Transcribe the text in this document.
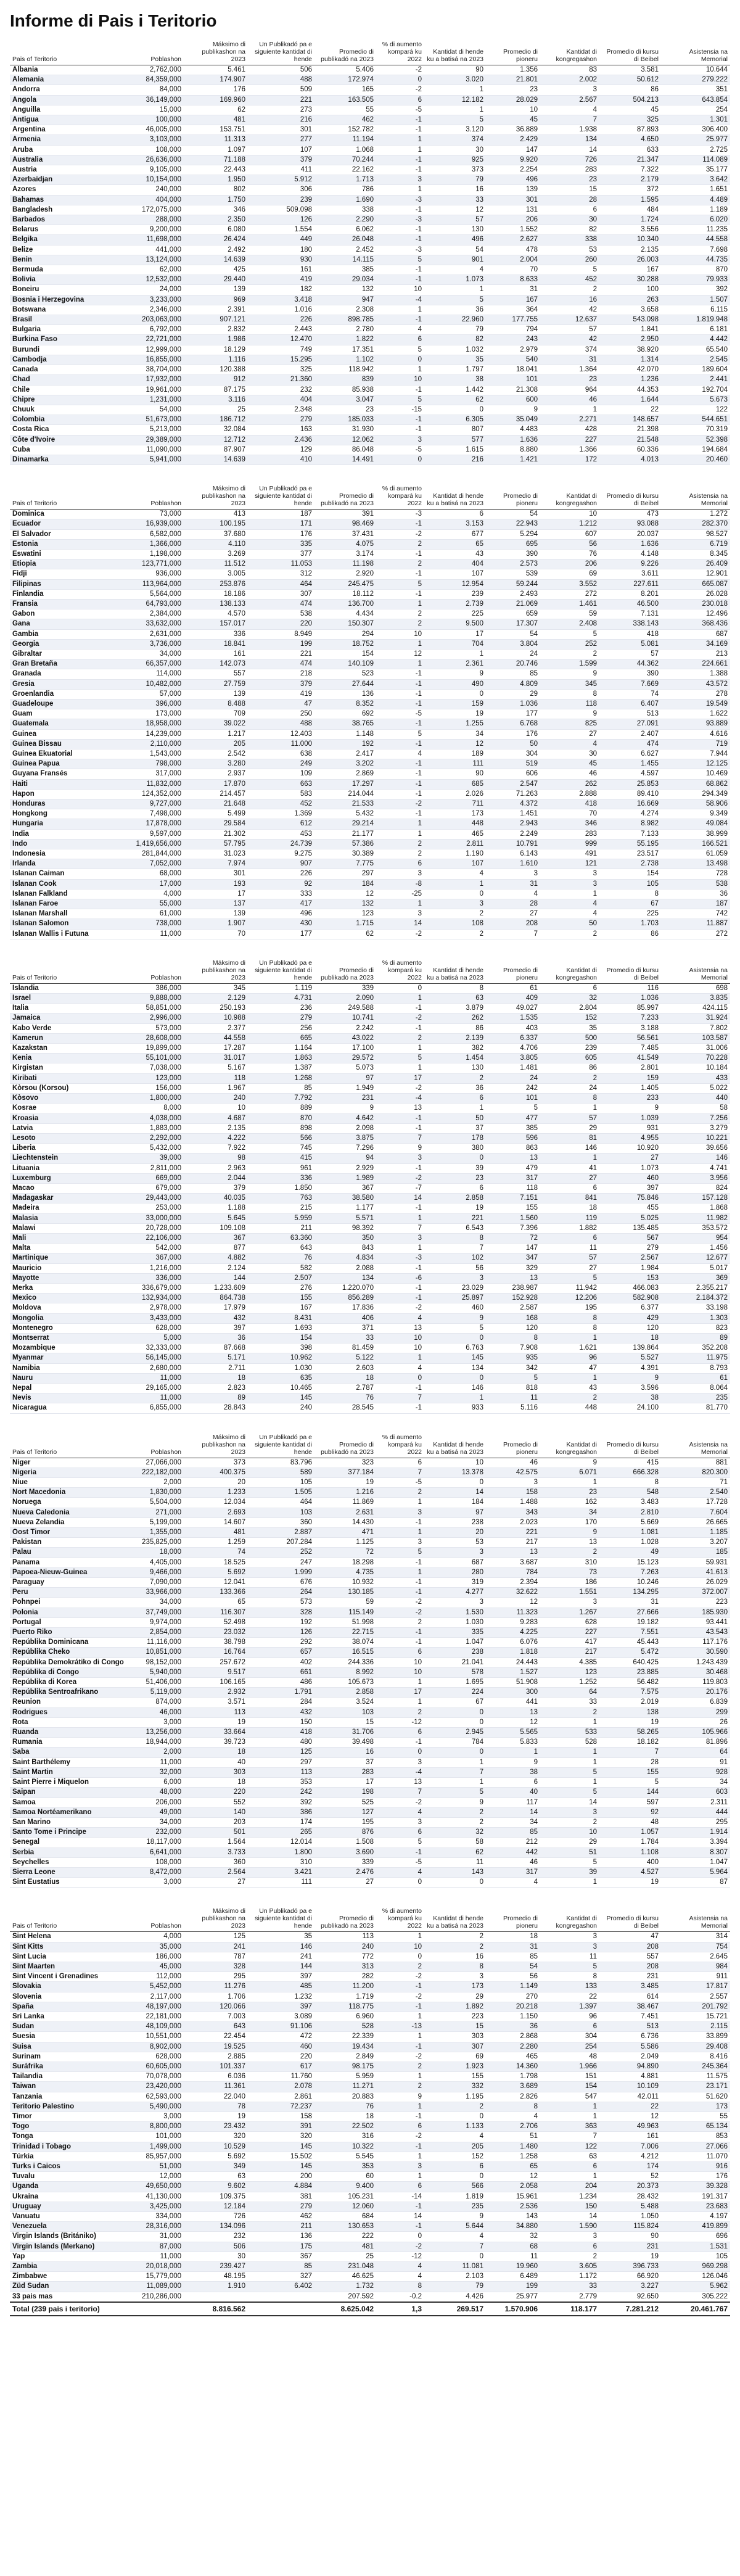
Informe di Pais i Teritorio
Pais of Teritorio	Poblashon	Máksimo di publikashon na 2023	Un Publikadó pa e siguiente kantidat di hende	Promedio di publikadó na 2023	% di aumento kompará ku 2022	Kantidat di hende ku a batisá na 2023	Promedio di pioneru	Kantidat di kongregashon	Promedio di kursu di Beibel	Asistensia na Memorial
Albania	2,762,000	5.461	506	5.406	-2	90	1.356	83	3.581	10.644
Alemania	84,359,000	174.907	488	172.974	0	3.020	21.801	2.002	50.612	279.222
Andorra	84,000	176	509	165	-2	1	23	3	86	351
Angola	36,149,000	169.960	221	163.505	6	12.182	28.029	2.567	504.213	643.854
Anguilla	15,000	62	273	55	-5	1	10	4	45	254
Antigua	100,000	481	216	462	-1	5	45	7	325	1.301
Argentina	46,005,000	153.751	301	152.782	-1	3.120	36.889	1.938	87.893	306.400
Armenia	3,103,000	11.313	277	11.194	1	374	2.429	134	4.650	25.977
Aruba	108,000	1.097	107	1.068	1	30	147	14	633	2.725
Australia	26,636,000	71.188	379	70.244	-1	925	9.920	726	21.347	114.089
Austria	9,105,000	22.443	411	22.162	-1	373	2.254	283	7.322	35.177
Azerbaidjan	10,154,000	1.950	5.912	1.713	3	79	496	23	2.179	3.642
Azores	240,000	802	306	786	1	16	139	15	372	1.651
Bahamas	404,000	1.750	239	1.690	-3	33	301	28	1.595	4.489
Bangladesh	172,075,000	346	509.098	338	-1	12	131	6	484	1.189
Barbados	288,000	2.350	126	2.290	-3	57	206	30	1.724	6.020
Belarus	9,200,000	6.080	1.554	6.062	-1	130	1.552	82	3.556	11.235
Belgika	11,698,000	26.424	449	26.048	-1	496	2.627	338	10.340	44.558
Belize	441,000	2.492	180	2.452	-3	54	478	53	2.135	7.698
Benin	13,124,000	14.639	930	14.115	5	901	2.004	260	26.003	44.735
Bermuda	62,000	425	161	385	-1	4	70	5	167	870
Bolivia	12,532,000	29.440	419	29.034	-1	1.073	8.633	452	30.288	79.933
Boneiru	24,000	139	182	132	10	1	31	2	100	392
Bosnia i Herzegovina	3,233,000	969	3.418	947	-4	5	167	16	263	1.507
Botswana	2,346,000	2.391	1.016	2.308	1	36	364	42	3.658	6.115
Brasil	203,063,000	907.121	226	898.785	-1	22.960	177.755	12.637	543.098	1.819.948
Bulgaria	6,792,000	2.832	2.443	2.780	4	79	794	57	1.841	6.181
Burkina Faso	22,721,000	1.986	12.470	1.822	6	82	243	42	2.950	4.442
Burundi	12,999,000	18.129	749	17.351	5	1.032	2.979	374	38.920	65.540
Cambodja	16,855,000	1.116	15.295	1.102	0	35	540	31	1.314	2.545
Canada	38,704,000	120.388	325	118.942	1	1.797	18.041	1.364	42.070	189.604
Chad	17,932,000	912	21.360	839	10	38	101	23	1.236	2.441
Chile	19,961,000	87.175	232	85.938	-1	1.442	21.308	964	44.353	192.704
Chipre	1,231,000	3.116	404	3.047	5	62	600	46	1.644	5.673
Chuuk	54,000	25	2.348	23	-15	0	9	1	22	122
Colombia	51,673,000	186.712	279	185.033	-1	6.305	35.049	2.271	148.657	544.651
Costa Rica	5,213,000	32.084	163	31.930	-1	807	4.483	428	21.398	70.319
Côte d'Ivoire	29,389,000	12.712	2.436	12.062	3	577	1.636	227	21.548	52.398
Cuba	11,090,000	87.907	129	86.048	-5	1.615	8.880	1.366	60.336	194.684
Dinamarka	5,941,000	14.639	410	14.491	0	216	1.421	172	4.013	20.460
Pais of Teritorio	Poblashon	Máksimo di publikashon na 2023	Un Publikadó pa e siguiente kantidat di hende	Promedio di publikadó na 2023	% di aumento kompará ku 2022	Kantidat di hende ku a batisá na 2023	Promedio di pioneru	Kantidat di kongregashon	Promedio di kursu di Beibel	Asistensia na Memorial
Dominica	73,000	413	187	391	-3	6	54	10	473	1.272
Ecuador	16,939,000	100.195	171	98.469	-1	3.153	22.943	1.212	93.088	282.370
El Salvador	6,582,000	37.680	176	37.431	-2	677	5.294	607	20.037	98.527
Estonia	1,366,000	4.110	335	4.075	2	65	695	56	1.636	6.719
Eswatini	1,198,000	3.269	377	3.174	-1	43	390	76	4.148	8.345
Etiopia	123,771,000	11.512	11.053	11.198	2	404	2.573	206	9.226	26.409
Fidji	936,000	3.005	312	2.920	-1	107	539	69	3.611	12.901
Filipinas	113,964,000	253.876	464	245.475	5	12.954	59.244	3.552	227.611	665.087
Finlandia	5,564,000	18.186	307	18.112	-1	239	2.493	272	8.201	26.028
Fransia	64,793,000	138.133	474	136.700	1	2.739	21.069	1.461	46.500	230.018
Gabon	2,384,000	4.570	538	4.434	2	225	659	59	7.131	12.496
Gana	33,632,000	157.017	220	150.307	2	9.500	17.307	2.408	338.143	368.436
Gambia	2,631,000	336	8.949	294	10	17	54	5	418	687
Georgia	3,736,000	18.841	199	18.752	1	704	3.804	252	5.081	34.169
Gibraltar	34,000	161	221	154	12	1	24	2	57	213
Gran Bretaña	66,357,000	142.073	474	140.109	1	2.361	20.746	1.599	44.362	224.661
Granada	114,000	557	218	523	-1	9	85	9	390	1.388
Gresia	10,482,000	27.759	379	27.644	-1	490	4.809	345	7.669	43.572
Groenlandia	57,000	139	419	136	-1	0	29	8	74	278
Guadeloupe	396,000	8.488	47	8.352	-1	159	1.036	118	6.407	19.549
Guam	173,000	709	250	692	-5	19	177	9	513	1.622
Guatemala	18,958,000	39.022	488	38.765	-1	1.255	6.768	825	27.091	93.889
Guinea	14,239,000	1.217	12.403	1.148	5	34	176	27	2.407	4.616
Guinea Bissau	2,110,000	205	11.000	192	-1	12	50	4	474	719
Guinea Ekuatorial	1,543,000	2.542	638	2.417	4	189	304	30	6.627	7.944
Guinea Papua	798,000	3.280	249	3.202	-1	111	519	45	1.455	12.125
Guyana Fransés	317,000	2.937	109	2.869	-1	90	606	46	4.597	10.469
Haiti	11,832,000	17.870	663	17.297	-1	685	2.547	262	25.853	68.862
Hapon	124,352,000	214.457	583	214.044	-1	2.026	71.263	2.888	89.410	294.349
Honduras	9,727,000	21.648	452	21.533	-2	711	4.372	418	16.669	58.906
Hongkong	7,498,000	5.499	1.369	5.432	-1	173	1.451	70	4.274	9.349
Hungaria	17,878,000	29.584	612	29.214	1	448	2.943	346	8.982	49.084
India	9,597,000	21.302	453	21.177	1	465	2.249	283	7.133	38.999
Indo	1,419,656,000	57.795	24.739	57.386	2	2.811	10.791	999	55.195	166.521
Indonesia	281,844,000	31.023	9.275	30.389	2	1.190	6.143	491	23.517	61.059
Irlanda	7,052,000	7.974	907	7.775	6	107	1.610	121	2.738	13.498
Islanan Caiman	68,000	301	226	297	3	4	3	3	154	728
Islanan Cook	17,000	193	92	184	-8	1	31	3	105	538
Islanan Falkland	4,000	17	333	12	-25	0	4	1	8	36
Islanan Faroe	55,000	137	417	132	1	3	28	4	67	187
Islanan Marshall	61,000	139	496	123	3	2	27	4	225	742
Islanan Salomon	738,000	1.907	430	1.715	14	108	208	50	1.703	11.887
Islanan Wallis i Futuna	11,000	70	177	62	-2	2	7	2	86	272
Pais of Teritorio	Poblashon	Máksimo di publikashon na 2023	Un Publikadó pa e siguiente kantidat di hende	Promedio di publikadó na 2023	% di aumento kompará ku 2022	Kantidat di hende ku a batisá na 2023	Promedio di pioneru	Kantidat di kongregashon	Promedio di kursu di Beibel	Asistensia na Memorial
Islandia	386,000	345	1.119	339	0	8	61	6	116	698
Israel	9,888,000	2.129	4.731	2.090	1	63	409	32	1.036	3.835
Italia	58,851,000	250.193	236	249.588	-1	3.879	49.027	2.804	85.997	424.115
Jamaica	2,996,000	10.988	279	10.741	-2	262	1.535	152	7.233	31.924
Kabo Verde	573,000	2.377	256	2.242	-1	86	403	35	3.188	7.802
Kamerun	28,608,000	44.558	665	43.022	2	2.139	6.337	500	56.561	103.587
Kazakstan	19,899,000	17.287	1.164	17.100	1	382	4.706	239	7.485	31.006
Kenia	55,101,000	31.017	1.863	29.572	5	1.454	3.805	605	41.549	70.228
Kirgistan	7,038,000	5.167	1.387	5.073	1	130	1.481	86	2.801	10.184
Kiribati	123,000	118	1.268	97	17	2	24	2	159	433
Kòrsou (Korsou)	156,000	1.967	85	1.949	-2	36	242	24	1.405	5.022
Kòsovo	1,800,000	240	7.792	231	-4	6	101	8	233	440
Kosrae	8,000	10	889	9	13	1	5	1	9	58
Kroasia	4,038,000	4.687	870	4.642	-1	50	477	57	1.039	7.256
Latvia	1,883,000	2.135	898	2.098	-1	37	385	29	931	3.279
Lesoto	2,292,000	4.222	566	3.875	7	178	596	81	4.955	10.221
Liberia	5,432,000	7.922	745	7.296	9	380	863	146	10.920	39.656
Liechtenstein	39,000	98	415	94	3	0	13	1	27	146
Lituania	2,811,000	2.963	961	2.929	-1	39	479	41	1.073	4.741
Luxemburg	669,000	2.044	336	1.989	-2	23	317	27	460	3.956
Macao	679,000	379	1.850	367	-7	6	118	6	397	824
Madagaskar	29,443,000	40.035	763	38.580	14	2.858	7.151	841	75.846	157.128
Madeira	253,000	1.188	215	1.177	-1	19	155	18	455	1.868
Malasia	33,000,000	5.645	5.959	5.571	1	221	1.560	119	5.025	11.982
Malawi	20,728,000	109.108	211	98.392	7	6.543	7.396	1.882	135.485	353.572
Mali	22,106,000	367	63.360	350	3	8	72	6	567	954
Malta	542,000	877	643	843	1	7	147	11	279	1.456
Martinique	367,000	4.882	76	4.834	-3	102	347	57	2.567	12.677
Mauricio	1,216,000	2.124	582	2.088	-1	56	329	27	1.984	5.017
Mayotte	336,000	144	2.507	134	-6	3	13	5	153	369
Merka	336,679,000	1.233.609	276	1.220.070	-1	23.029	238.987	11.942	466.083	2.355.217
Mexico	132,934,000	864.738	155	856.289	-1	25.897	152.928	12.206	582.908	2.184.372
Moldova	2,978,000	17.979	167	17.836	-2	460	2.587	195	6.377	33.198
Mongolia	3,433,000	432	8.431	406	4	9	168	8	429	1.303
Montenegro	628,000	397	1.693	371	13	5	120	8	120	823
Montserrat	5,000	36	154	33	10	0	8	1	18	89
Mozambique	32,333,000	87.668	398	81.459	10	6.763	7.908	1.621	139.864	352.208
Myanmar	56,145,000	5.171	10.962	5.122	1	145	935	96	5.527	11.975
Namibia	2,680,000	2.711	1.030	2.603	4	134	342	47	4.391	8.793
Nauru	11,000	18	635	18	0	0	5	1	9	61
Nepal	29,165,000	2.823	10.465	2.787	-1	146	818	43	3.596	8.064
Nevis	11,000	89	145	76	7	1	11	2	38	235
Nicaragua	6,855,000	28.843	240	28.545	-1	933	5.116	448	24.100	81.770
Pais of Teritorio	Poblashon	Máksimo di publikashon na 2023	Un Publikadó pa e siguiente kantidat di hende	Promedio di publikadó na 2023	% di aumento kompará ku 2022	Kantidat di hende ku a batisá na 2023	Promedio di pioneru	Kantidat di kongregashon	Promedio di kursu di Beibel	Asistensia na Memorial
Niger	27,066,000	373	83.796	323	6	10	46	9	415	881
Nigeria	222,182,000	400.375	589	377.184	7	13.378	42.575	6.071	666.328	820.300
Niue	2,000	20	105	19	-5	0	3	1	8	71
Nort Macedonia	1,830,000	1.233	1.505	1.216	2	14	158	23	548	2.540
Noruega	5,504,000	12.034	464	11.869	1	184	1.488	162	3.483	17.728
Nueva Caledonia	271,000	2.693	103	2.631	3	97	343	34	2.810	7.604
Nueva Zelandia	5,199,000	14.607	360	14.430	-1	238	2.023	170	5.669	26.665
Oost Timor	1,355,000	481	2.887	471	1	20	221	9	1.081	1.185
Pakistan	235,825,000	1.259	207.284	1.125	3	53	217	13	1.028	3.207
Palau	18,000	74	252	72	5	3	13	2	49	185
Panama	4,405,000	18.525	247	18.298	-1	687	3.687	310	15.123	59.931
Papoea-Nieuw-Guinea	9,466,000	5.692	1.999	4.735	1	280	784	73	7.263	41.613
Paraguay	7,090,000	12.041	676	10.932	-1	319	2.394	186	10.246	26.029
Peru	33,966,000	133.366	264	130.185	-1	4.277	32.622	1.551	134.295	372.007
Pohnpei	34,000	65	573	59	-2	3	12	3	31	223
Polonia	37,749,000	116.307	328	115.149	-2	1.530	11.323	1.267	27.666	185.930
Portugal	9,974,000	52.498	192	51.998	2	1.030	9.283	628	19.182	93.441
Puerto Riko	2,854,000	23.032	126	22.715	-1	335	4.225	227	7.551	43.543
Repúblika Dominicana	11,116,000	38.798	292	38.074	-1	1.047	6.076	417	45.443	117.176
Repúblika Cheko	10,851,000	16.764	657	16.515	6	238	1.818	217	5.472	30.590
Repúblika Demokrátiko di Congo	98,152,000	257.672	402	244.336	10	21.041	24.443	4.385	640.425	1.243.439
Repúblika di Congo	5,940,000	9.517	661	8.992	10	578	1.527	123	23.885	30.468
Repúblika di Korea	51,406,000	106.165	486	105.673	1	1.695	51.908	1.252	56.482	119.803
Repúblika Sentroafrikano	5,119,000	2.932	1.791	2.858	17	224	300	64	7.575	20.176
Reunion	874,000	3.571	284	3.524	1	67	441	33	2.019	6.839
Rodrigues	46,000	113	432	103	2	0	13	2	138	299
Rota	3,000	19	150	15	-12	0	12	1	19	26
Ruanda	13,256,000	33.664	418	31.706	6	2.945	5.565	533	58.265	105.966
Rumania	18,944,000	39.723	480	39.498	-1	784	5.833	528	18.182	81.896
Saba	2,000	18	125	16	0	0	1	1	7	64
Saint Barthélemy	11,000	40	297	37	3	1	9	1	28	91
Saint Martin	32,000	303	113	283	-4	7	38	5	155	928
Saint Pierre i Miquelon	6,000	18	353	17	13	1	6	1	5	34
Saipan	48,000	220	242	198	7	5	40	5	144	603
Samoa	206,000	552	392	525	-2	9	117	14	597	2.311
Samoa Nortéamerikano	49,000	140	386	127	4	2	14	3	92	444
San Marino	34,000	203	174	195	3	2	34	2	48	295
Santo Tome i Principe	232,000	501	265	876	6	32	85	10	1.057	1.914
Senegal	18,117,000	1.564	12.014	1.508	5	58	212	29	1.784	3.394
Serbia	6,641,000	3.733	1.800	3.690	-1	62	442	51	1.108	8.307
Seychelles	108,000	360	310	339	-5	11	46	5	400	1.047
Sierra Leone	8,472,000	2.564	3.421	2.476	4	143	317	39	4.527	5.964
Sint Eustatius	3,000	27	111	27	0	0	4	1	19	87
Pais of Teritorio	Poblashon	Máksimo di publikashon na 2023	Un Publikadó pa e siguiente kantidat di hende	Promedio di publikadó na 2023	% di aumento kompará ku 2022	Kantidat di hende ku a batisá na 2023	Promedio di pioneru	Kantidat di kongregashon	Promedio di kursu di Beibel	Asistensia na Memorial
Sint Helena	4,000	125	35	113	1	2	18	3	47	314
Sint Kitts	35,000	241	146	240	10	2	31	3	208	754
Sint Lucia	186,000	787	241	772	0	16	85	11	557	2.645
Sint Maarten	45,000	328	144	313	2	8	54	5	208	984
Sint Vincent i Grenadines	112,000	295	397	282	-2	3	56	8	231	911
Slovakia	5,452,000	11.276	485	11.200	-1	173	1.149	133	3.485	17.817
Slovenia	2,117,000	1.706	1.232	1.719	-2	29	270	22	614	2.557
Spaña	48,197,000	120.066	397	118.775	-1	1.892	20.218	1.397	38.467	201.792
Sri Lanka	22,181,000	7.003	3.089	6.960	1	223	1.150	96	7.451	15.721
Sudan	48,109,000	643	91.106	528	-13	15	36	6	513	2.115
Suesia	10,551,000	22.454	472	22.339	1	303	2.868	304	6.736	33.899
Suisa	8,902,000	19.525	460	19.434	-1	307	2.280	254	5.586	29.408
Surinam	628,000	2.885	220	2.849	-2	69	465	48	2.049	8.416
Suráfrika	60,605,000	101.337	617	98.175	2	1.923	14.360	1.966	94.890	245.364
Tailandia	70,078,000	6.036	11.760	5.959	1	155	1.798	151	4.881	11.575
Taiwan	23,420,000	11.361	2.078	11.271	2	332	3.689	154	10.109	23.171
Tanzania	62,593,000	22.040	2.861	20.883	9	1.195	2.826	547	42.011	51.620
Teritorio Palestino	5,490,000	78	72.237	76	1	2	8	1	22	173
Timor	3,000	19	158	18	-1	0	4	1	12	55
Togo	8,800,000	23.432	391	22.502	6	1.133	2.706	363	49.963	65.134
Tonga	101,000	320	320	316	-2	4	51	7	161	853
Trinidad i Tobago	1,499,000	10.529	145	10.322	-1	205	1.480	122	7.006	27.066
Túrkia	85,957,000	5.692	15.502	5.545	1	152	1.258	63	4.212	11.070
Turks i Caicos	51,000	349	145	353	3	6	65	6	174	916
Tuvalu	12,000	63	200	60	1	0	12	1	52	176
Uganda	49,650,000	9.602	4.884	9.400	6	566	2.058	204	20.373	39.328
Ukraina	41,130,000	109.375	381	105.231	-14	1.819	15.961	1.234	28.432	191.317
Uruguay	3,425,000	12.184	279	12.060	-1	235	2.536	150	5.488	23.683
Vanuatu	334,000	726	462	684	14	9	143	14	1.050	4.197
Venezuela	28,316,000	134.096	211	130.653	-1	5.644	34.880	1.590	115.824	419.899
Virgin Islands (Britániko)	31,000	232	136	222	0	4	32	3	90	696
Virgin Islands (Merkano)	87,000	506	175	481	-2	7	68	6	231	1.531
Yap	11,000	30	367	25	-12	0	11	2	19	105
Zambia	20,018,000	239.427	85	231.048	4	11.081	19.960	3.605	396.733	969.298
Zimbabwe	15,779,000	48.195	327	46.625	4	2.103	6.489	1.172	66.920	126.046
Züd Sudan	11,089,000	1.910	6.402	1.732	8	79	199	33	3.227	5.962
33 pais mas	210,286,000			207.592	-0.2	4.426	25.977	2.779	92.650	305.222
Total (239 pais i teritorio)		8.816.562		8.625.042	1,3	269.517	1.570.906	118.177	7.281.212	20.461.767
